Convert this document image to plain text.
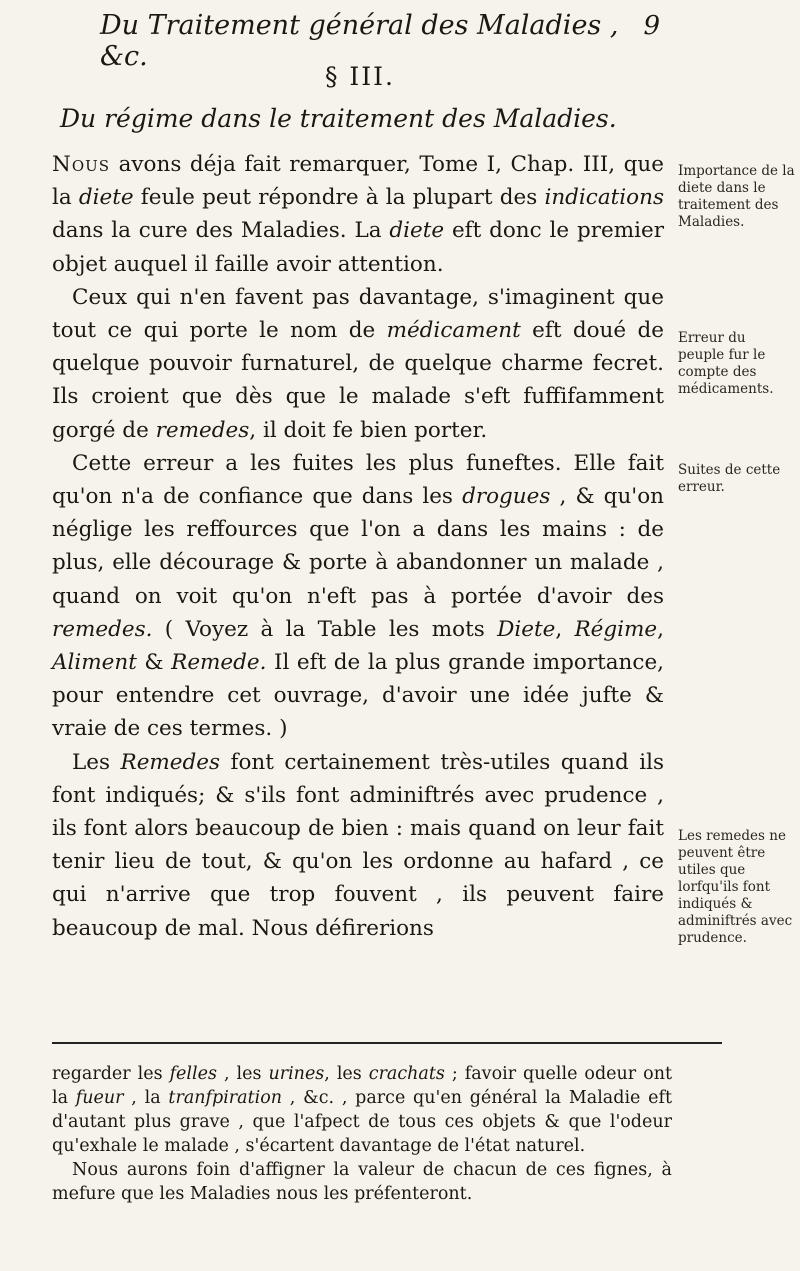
Du Traitement général des Maladies , &c.
9
§ III.
Du régime dans le traitement des Maladies.

Nous avons déja fait remarquer, Tome I, Chap. III, que la diete feule peut répondre à la plupart des indications dans la cure des Maladies. La diete eft donc le premier objet auquel il faille avoir attention.

Ceux qui n'en favent pas davantage, s'imaginent que tout ce qui porte le nom de médicament eft doué de quelque pouvoir furnaturel, de quelque charme fecret. Ils croient que dès que le malade s'eft fuffifamment gorgé de remedes, il doit fe bien porter.

Cette erreur a les fuites les plus funeftes. Elle fait qu'on n'a de confiance que dans les drogues , & qu'on néglige les reffources que l'on a dans les mains : de plus, elle décourage & porte à abandonner un malade , quand on voit qu'on n'eft pas à portée d'avoir des remedes. ( Voyez à la Table les mots Diete, Régime, Aliment & Remede. Il eft de la plus grande importance, pour entendre cet ouvrage, d'avoir une idée jufte & vraie de ces termes. )

Les Remedes font certainement très-utiles quand ils font indiqués; & s'ils font adminiftrés avec prudence , ils font alors beaucoup de bien : mais quand on leur fait tenir lieu de tout, & qu'on les ordonne au hafard , ce qui n'arrive que trop fouvent , ils peuvent faire beaucoup de mal. Nous défirerions

Importance de la diete dans le traitement des Maladies.
Erreur du peuple fur le compte des médicaments.
Suites de cette erreur.
Les remedes ne peuvent être utiles que lorfqu'ils font indiqués & adminiftrés avec prudence.

regarder les felles , les urines, les crachats ; favoir quelle odeur ont la fueur , la tranfpiration , &c. , parce qu'en général la Maladie eft d'autant plus grave , que l'afpect de tous ces objets & que l'odeur qu'exhale le malade , s'écartent davantage de l'état naturel.

Nous aurons foin d'affigner la valeur de chacun de ces fignes, à mefure que les Maladies nous les préfenteront.
